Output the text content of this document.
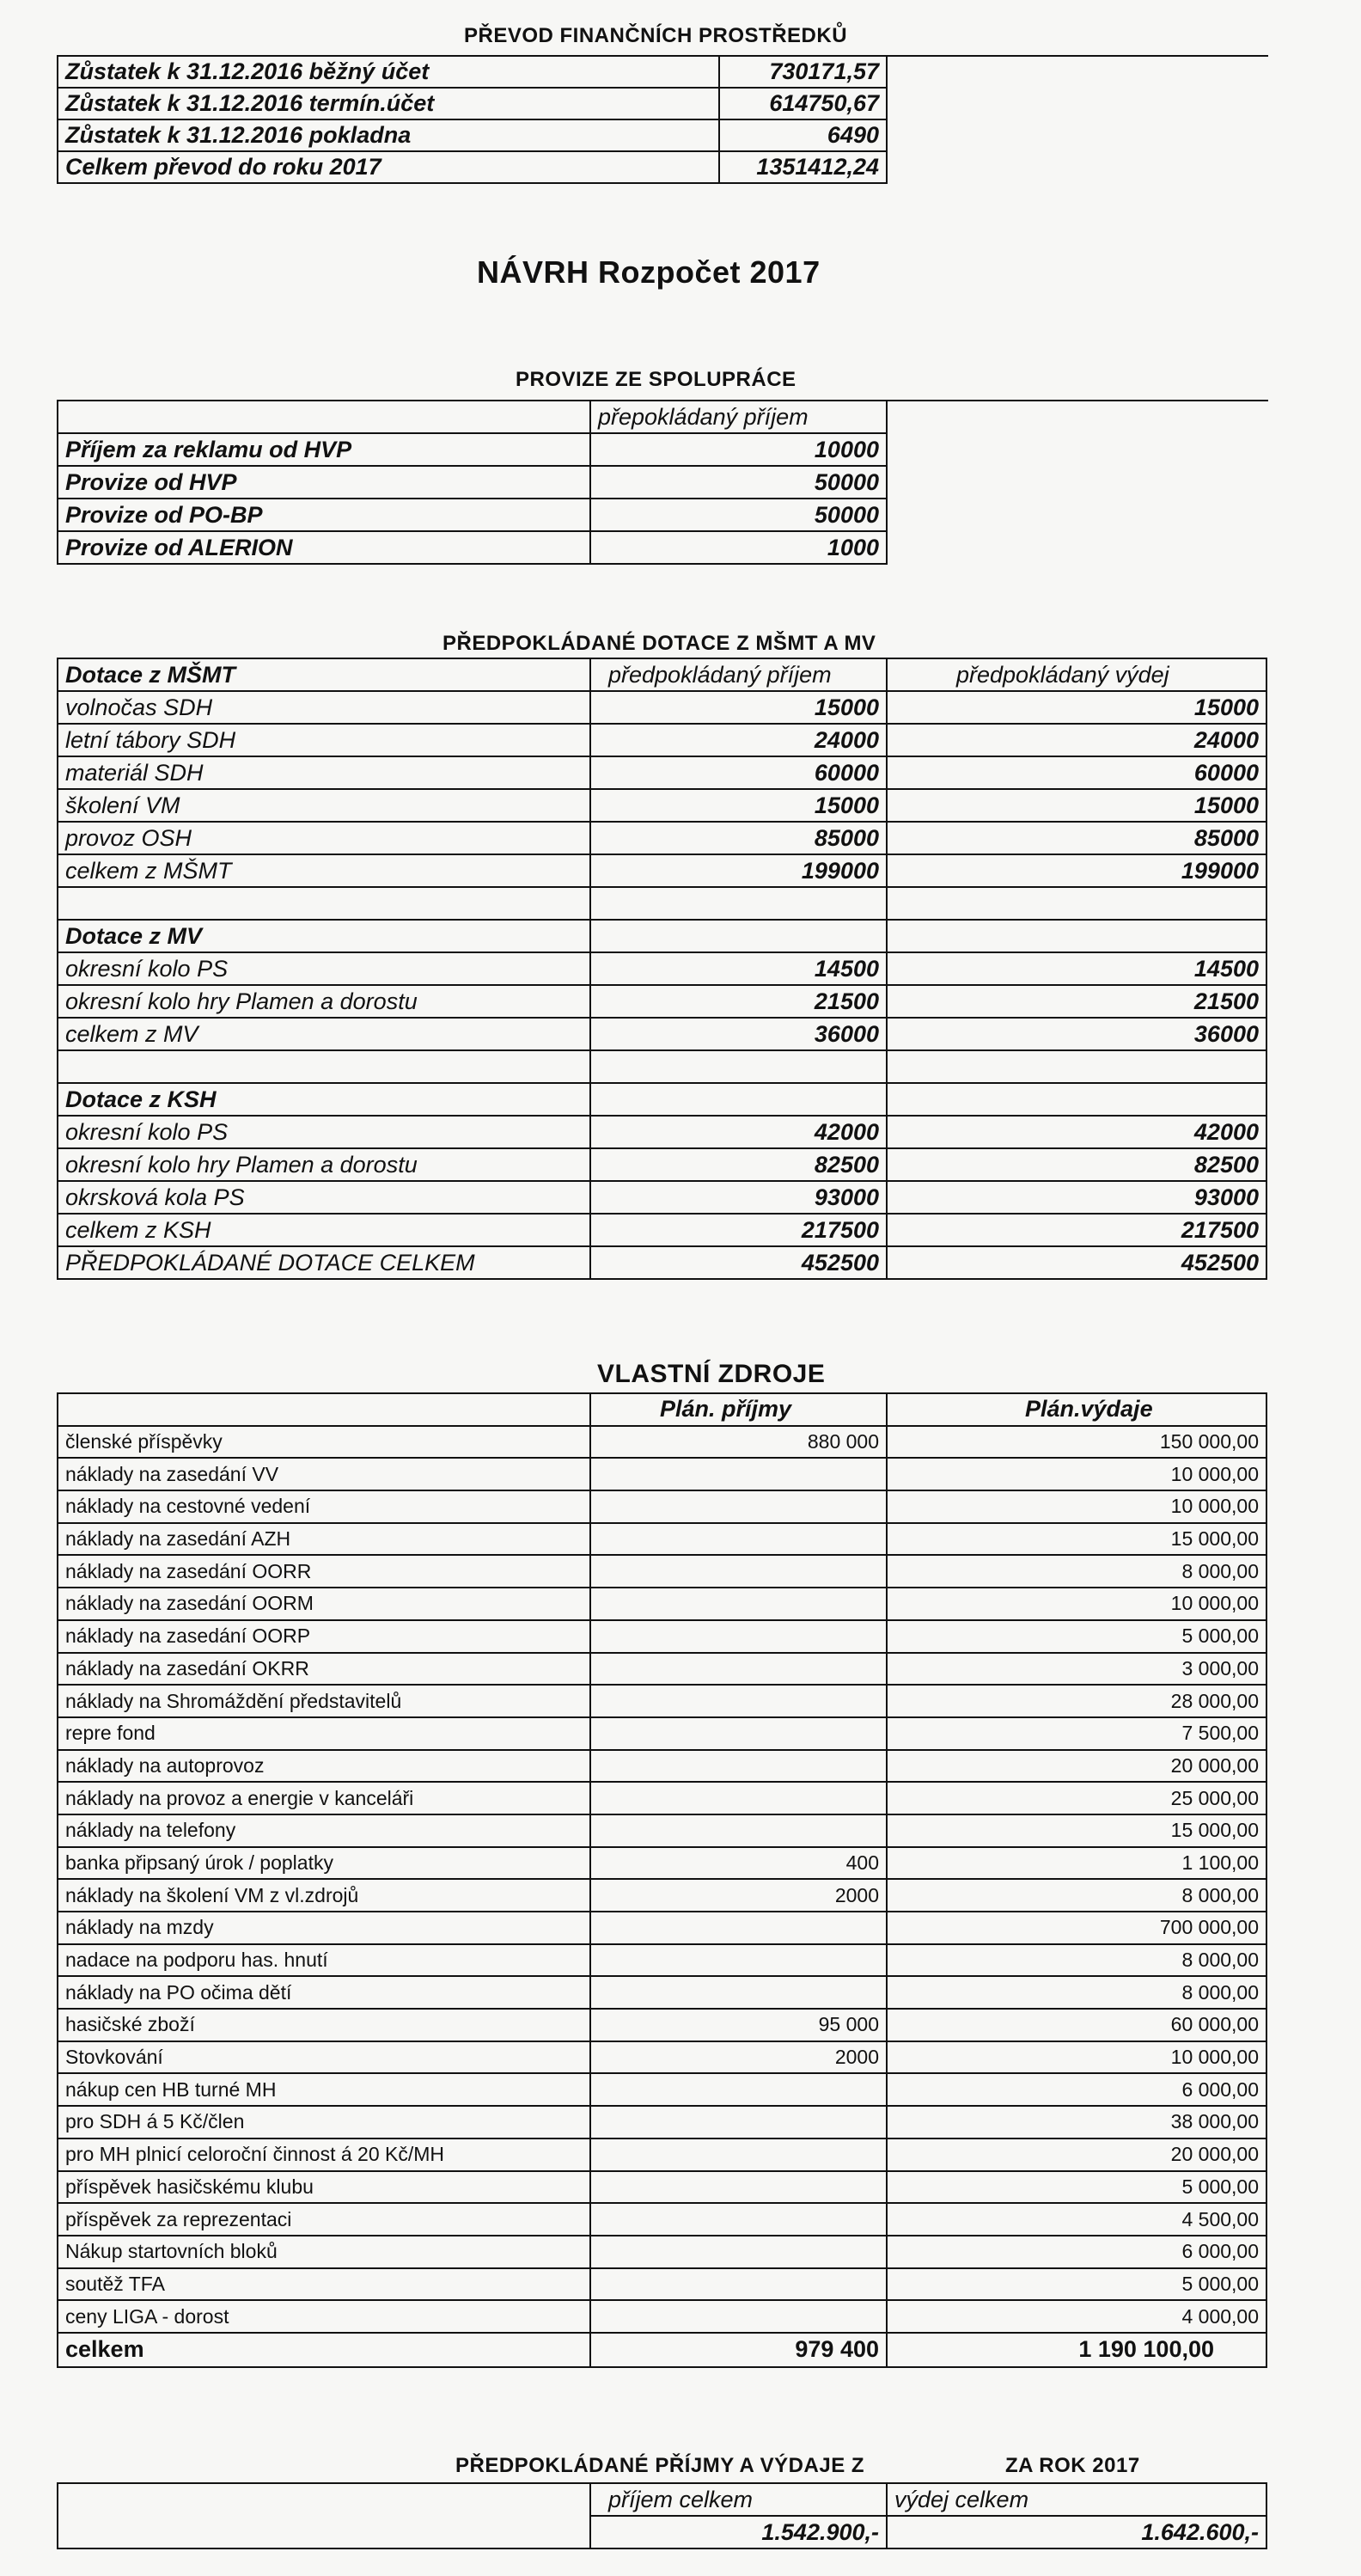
PŘEVOD FINANČNÍCH PROSTŘEDKŮ
Zůstatek k 31.12.2016 běžný účet	730171,57
Zůstatek k 31.12.2016 termín.účet	614750,67
Zůstatek k 31.12.2016 pokladna	6490
Celkem převod do roku 2017	1351412,24
NÁVRH Rozpočet 2017
PROVIZE ZE SPOLUPRÁCE
	přepokládaný příjem
Příjem za reklamu od HVP	10000
Provize od HVP	50000
Provize od PO-BP	50000
Provize od ALERION	1000
PŘEDPOKLÁDANÉ DOTACE Z MŠMT A MV
Dotace z MŠMT	předpokládaný příjem	předpokládaný výdej
volnočas SDH	15000	15000
letní tábory SDH	24000	24000
materiál SDH	60000	60000
školení VM	15000	15000
provoz OSH	85000	85000
celkem z MŠMT	199000	199000

Dotace z MV		
okresní kolo PS	14500	14500
okresní kolo hry Plamen a dorostu	21500	21500
celkem z MV	36000	36000

Dotace z KSH		
okresní kolo PS	42000	42000
okresní kolo hry Plamen a dorostu	82500	82500
okrsková kola PS	93000	93000
celkem z KSH	217500	217500
PŘEDPOKLÁDANÉ DOTACE CELKEM	452500	452500
VLASTNÍ ZDROJE
	Plán. příjmy	Plán.výdaje
členské příspěvky	880 000	150 000,00
náklady na zasedání VV		10 000,00
náklady na cestovné vedení		10 000,00
náklady na zasedání AZH		15 000,00
náklady na zasedání OORR		8 000,00
náklady na zasedání OORM		10 000,00
náklady na zasedání OORP		5 000,00
náklady na zasedání OKRR		3 000,00
náklady na Shromáždění představitelů		28 000,00
repre fond		7 500,00
náklady na autoprovoz		20 000,00
náklady na provoz a energie v kanceláři		25 000,00
náklady na telefony		15 000,00
banka připsaný úrok / poplatky	400	1 100,00
náklady na školení VM z vl.zdrojů	2000	8 000,00
náklady na mzdy		700 000,00
nadace na podporu has. hnutí		8 000,00
náklady na PO očima dětí		8 000,00
hasičské zboží	95 000	60 000,00
Stovkování	2000	10 000,00
nákup cen HB turné MH		6 000,00
pro SDH á 5 Kč/člen		38 000,00
pro MH plnicí celoroční činnost á 20 Kč/MH		20 000,00
příspěvek hasičskému klubu		5 000,00
příspěvek za reprezentaci		4 500,00
Nákup startovních bloků		6 000,00
soutěž TFA		5 000,00
ceny LIGA - dorost		4 000,00
celkem	979 400	1 190 100,00
PŘEDPOKLÁDANÉ PŘÍJMY A VÝDAJE Z	ZA ROK 2017
	příjem celkem	výdej celkem
	1.542.900,-	1.642.600,-
